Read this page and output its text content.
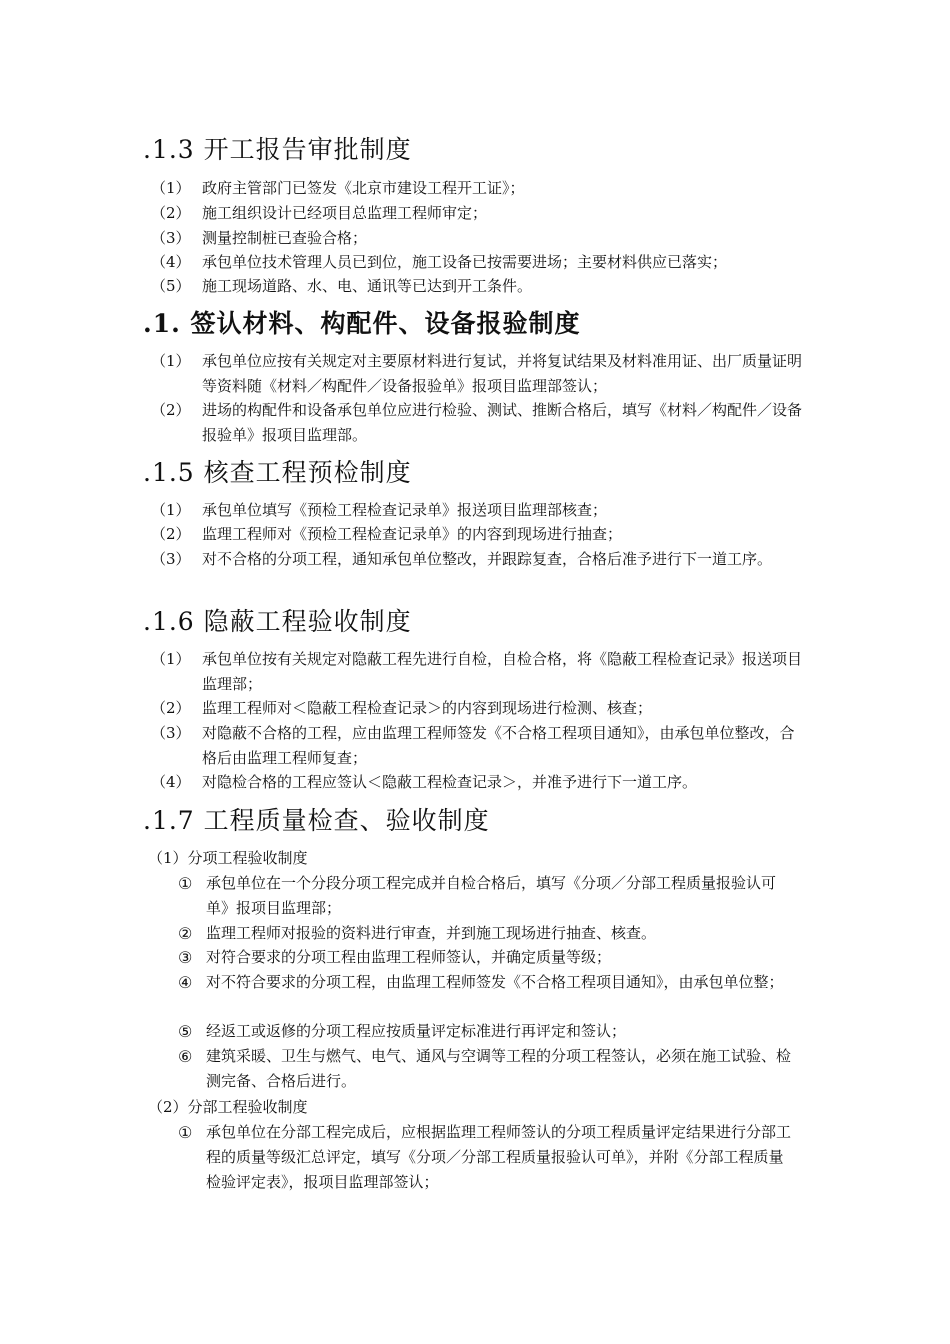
.1.3 开工报告审批制度
（1） 政府主管部门已签发《北京市建设工程开工证》；
（2） 施工组织设计已经项目总监理工程师审定；
（3） 测量控制桩已查验合格；
（4） 承包单位技术管理人员已到位，施工设备已按需要进场；主要材料供应已落实；
（5） 施工现场道路、水、电、通讯等已达到开工条件。
.1. 签认材料、构配件、设备报验制度
（1） 承包单位应按有关规定对主要原材料进行复试，并将复试结果及材料准用证、出厂质量证明等资料随《材料／构配件／设备报验单》报项目监理部签认；
（2） 进场的构配件和设备承包单位应进行检验、测试、推断合格后，填写《材料／构配件／设备报验单》报项目监理部。
.1.5 核查工程预检制度
（1） 承包单位填写《预检工程检查记录单》报送项目监理部核查；
（2） 监理工程师对《预检工程检查记录单》的内容到现场进行抽查；
（3） 对不合格的分项工程，通知承包单位整改，并跟踪复查，合格后准予进行下一道工序。
.1.6 隐蔽工程验收制度
（1） 承包单位按有关规定对隐蔽工程先进行自检，自检合格，将《隐蔽工程检查记录》报送项目监理部；
（2） 监理工程师对＜隐蔽工程检查记录＞的内容到现场进行检测、核查；
（3） 对隐蔽不合格的工程，应由监理工程师签发《不合格工程项目通知》，由承包单位整改，合格后由监理工程师复查；
（4） 对隐检合格的工程应签认＜隐蔽工程检查记录＞，并准予进行下一道工序。
.1.7 工程质量检查、验收制度
（1）分项工程验收制度
① 承包单位在一个分段分项工程完成并自检合格后，填写《分项／分部工程质量报验认可单》报项目监理部；
② 监理工程师对报验的资料进行审查，并到施工现场进行抽查、核查。
③ 对符合要求的分项工程由监理工程师签认，并确定质量等级；
④ 对不符合要求的分项工程，由监理工程师签发《不合格工程项目通知》，由承包单位整；
⑤ 经返工或返修的分项工程应按质量评定标准进行再评定和签认；
⑥ 建筑采暖、卫生与燃气、电气、通风与空调等工程的分项工程签认，必须在施工试验、检测完备、合格后进行。
（2）分部工程验收制度
① 承包单位在分部工程完成后，应根据监理工程师签认的分项工程质量评定结果进行分部工程的质量等级汇总评定，填写《分项／分部工程质量报验认可单》，并附《分部工程质量检验评定表》，报项目监理部签认；
